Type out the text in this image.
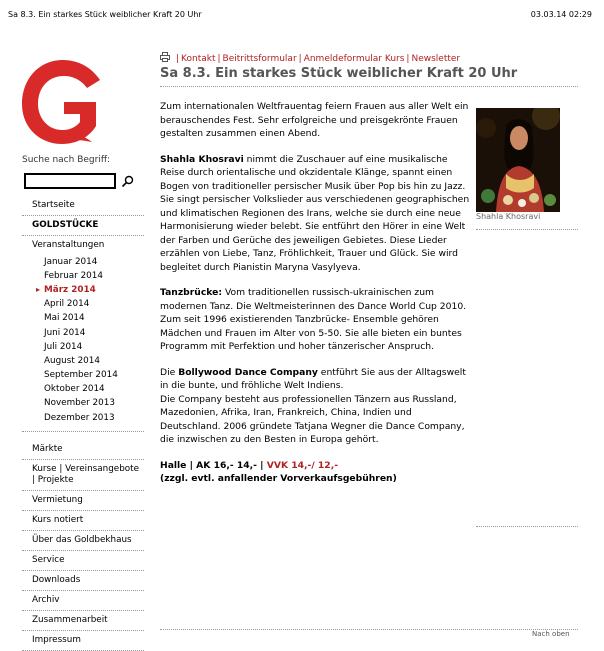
Sa 8.3. Ein starkes Stück weiblicher Kraft 20 Uhr	03.03.14 02:29
Suche nach Begriff:
Startseite
GOLDSTÜCKE
Veranstaltungen
Januar 2014
Februar 2014
▸ März 2014
April 2014
Mai 2014
Juni 2014
Juli 2014
August 2014
September 2014
Oktober 2014
November 2013
Dezember 2013
Märkte
Kurse | Vereinsangebote | Projekte
Vermietung
Kurs notiert
Über das Goldbekhaus
Service
Downloads
Archiv
Zusammenarbeit
Impressum
| Kontakt | Beitrittsformular | Anmeldeformular Kurs | Newsletter
Sa 8.3. Ein starkes Stück weiblicher Kraft 20 Uhr

Zum internationalen Weltfrauentag feiern Frauen aus aller Welt ein berauschendes Fest. Sehr erfolgreiche und preisgekrönte Frauen gestalten zusammen einen Abend.

Shahla Khosravi nimmt die Zuschauer auf eine musikalische Reise durch orientalische und okzidentale Klänge, spannt einen Bogen von traditioneller persischer Musik über Pop bis hin zu Jazz. Sie singt persischer Volkslieder aus verschiedenen geographischen und klimatischen Regionen des Irans, welche sie durch eine neue Harmonisierung wieder belebt. Sie entführt den Hörer in eine Welt der Farben und Gerüche des jeweiligen Gebietes. Diese Lieder erzählen von Liebe, Tanz, Fröhlichkeit, Trauer und Glück. Sie wird begleitet durch Pianistin Maryna Vasylyeva.

Tanzbrücke: Vom traditionellen russisch-ukrainischen zum modernen Tanz. Die Weltmeisterinnen des Dance World Cup 2010.
Zum seit 1996 existierenden Tanzbrücke- Ensemble gehören Mädchen und Frauen im Alter von 5-50. Sie alle bieten ein buntes Programm mit Perfektion und hoher tänzerischer Anspruch.

Die Bollywood Dance Company entführt Sie aus der Alltagswelt in die bunte, und fröhliche Welt Indiens.
Die Company besteht aus professionellen Tänzern aus Russland, Mazedonien, Afrika, Iran, Frankreich, China, Indien und Deutschland. 2006 gründete Tatjana Wegner die Dance Company, die inzwischen zu den Besten in Europa gehört.

Halle | AK 16,- 14,- | VVK 14,-/ 12,-
(zzgl. evtl. anfallender Vorverkaufsgebühren)

Shahla Khosravi
Nach oben
